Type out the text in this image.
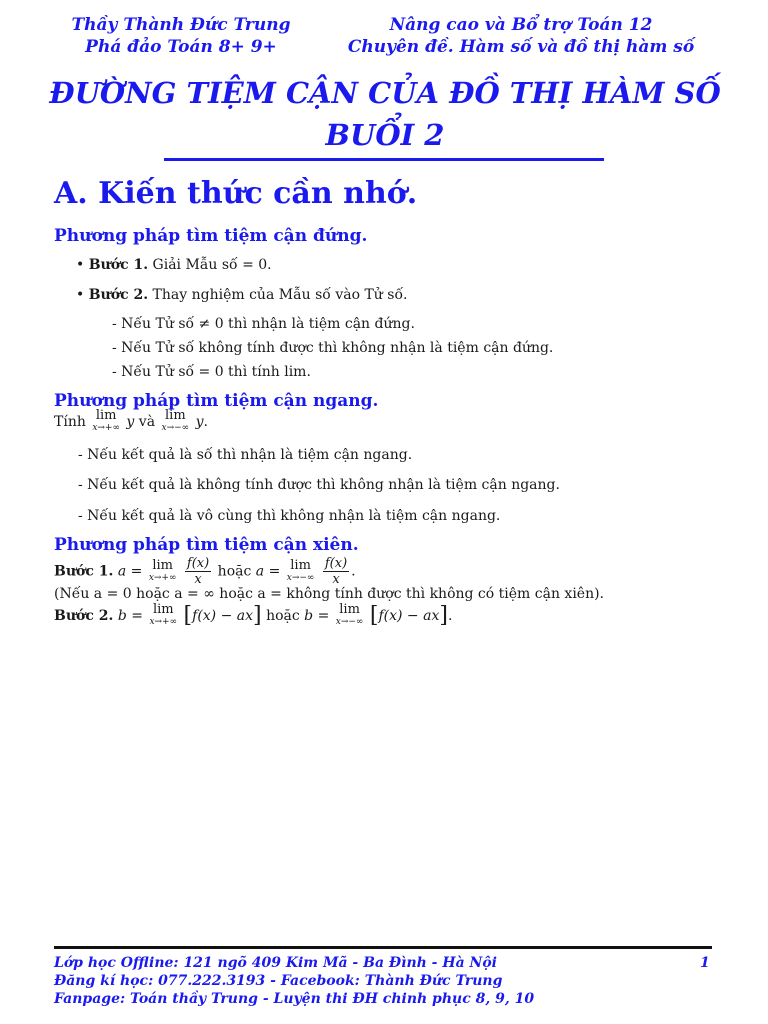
Thầy Thành Đức Trung
Phá đảo Toán 8+ 9+
Nâng cao và Bổ trợ Toán 12
Chuyên đề. Hàm số và đồ thị hàm số
ĐƯỜNG TIỆM CẬN CỦA ĐỒ THỊ HÀM SỐ
BUỔI 2
A. Kiến thức cần nhớ.
Phương pháp tìm tiệm cận đứng.
• Bước 1. Giải Mẫu số = 0.
• Bước 2. Thay nghiệm của Mẫu số vào Tử số.
- Nếu Tử số ≠ 0 thì nhận là tiệm cận đứng.
- Nếu Tử số không tính được thì không nhận là tiệm cận đứng.
- Nếu Tử số = 0 thì tính lim.
Phương pháp tìm tiệm cận ngang.
Tính lim
x→+∞ y và lim
x→−∞ y.
- Nếu kết quả là số thì nhận là tiệm cận ngang.
- Nếu kết quả là không tính được thì không nhận là tiệm cận ngang.
- Nếu kết quả là vô cùng thì không nhận là tiệm cận ngang.
Phương pháp tìm tiệm cận xiên.
Bước 1. a = lim
$x\to+\infty \frac{f(x)}{x}$ hoặc a = lim
$x\to-\infty \frac{f(x)}{x}$ .
(Nếu a = 0 hoặc a = ∞ hoặc a = không tính được thì không có tiệm cận xiên).
Bước 2. b = lim
x→+∞ [f(x) − ax] hoặc b = lim
x→−∞ [f(x) − ax].
Lớp học Offline: 121 ngõ 409 Kim Mã - Ba Đình - Hà Nội
Đăng kí học: 077.222.3193 - Facebook: Thành Đức Trung
Fanpage: Toán thầy Trung - Luyện thi ĐH chinh phục 8, 9, 10
1
